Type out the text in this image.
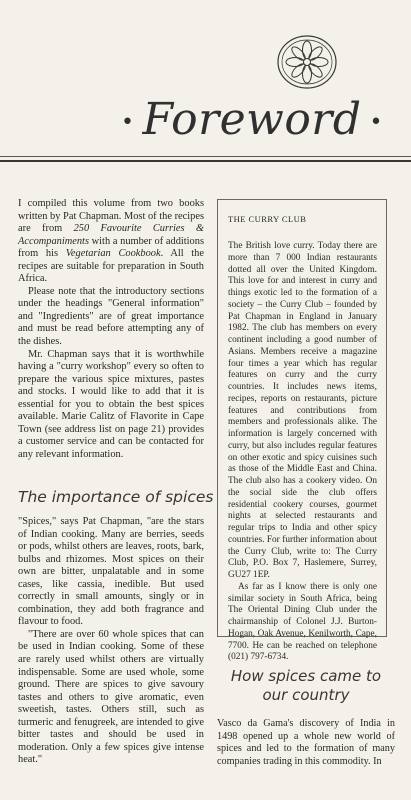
• Foreword •

I compiled this volume from two books written by Pat Chapman. Most of the recipes are from 250 Favourite Curries & Accompaniments with a number of additions from his Vegetarian Cookbook. All the recipes are suitable for preparation in South Africa.

Please note that the introductory sections under the headings "General information" and "Ingredients" are of great importance and must be read before attempting any of the dishes.

Mr. Chapman says that it is worthwhile having a "curry workshop" every so often to prepare the various spice mixtures, pastes and stocks. I would like to add that it is essential for you to obtain the best spices available. Marie Calitz of Flavorite in Cape Town (see address list on page 21) provides a customer service and can be contacted for any relevant information.

The importance of spices

"Spices," says Pat Chapman, "are the stars of Indian cooking. Many are berries, seeds or pods, whilst others are leaves, roots, bark, bulbs and rhizomes. Most spices on their own are bitter, unpalatable and in some cases, like cassia, inedible. But used correctly in small amounts, singly or in combination, they add both fragrance and flavour to food.

"There are over 60 whole spices that can be used in Indian cooking. Some of these are rarely used whilst others are virtually indispensable. Some are used whole, some ground. There are spices to give savoury tastes and others to give aromatic, even sweetish, tastes. Others still, such as turmeric and fenugreek, are intended to give bitter tastes and should be used in moderation. Only a few spices give intense heat."

THE CURRY CLUB

The British love curry. Today there are more than 7 000 Indian restaurants dotted all over the United Kingdom. This love for and interest in curry and things exotic led to the formation of a society – the Curry Club – founded by Pat Chapman in England in January 1982. The club has members on every continent including a good number of Asians. Members receive a magazine four times a year which has regular features on curry and the curry countries. It includes news items, recipes, reports on restaurants, picture features and contributions from members and professionals alike. The information is largely concerned with curry, but also includes regular features on other exotic and spicy cuisines such as those of the Middle East and China. The club also has a cookery video. On the social side the club offers residential cookery courses, gourmet nights at selected restaurants and regular trips to India and other spicy countries. For further information about the Curry Club, write to: The Curry Club, P.O. Box 7, Haslemere, Surrey, GU27 1EP.

As far as I know there is only one similar society in South Africa, being The Oriental Dining Club under the chairmanship of Colonel J.J. Burton-Hogan, Oak Avenue, Kenilworth, Cape, 7700. He can be reached on telephone (021) 797-6734.

How spices came to our country

Vasco da Gama's discovery of India in 1498 opened up a whole new world of spices and led to the formation of many companies trading in this commodity. In
